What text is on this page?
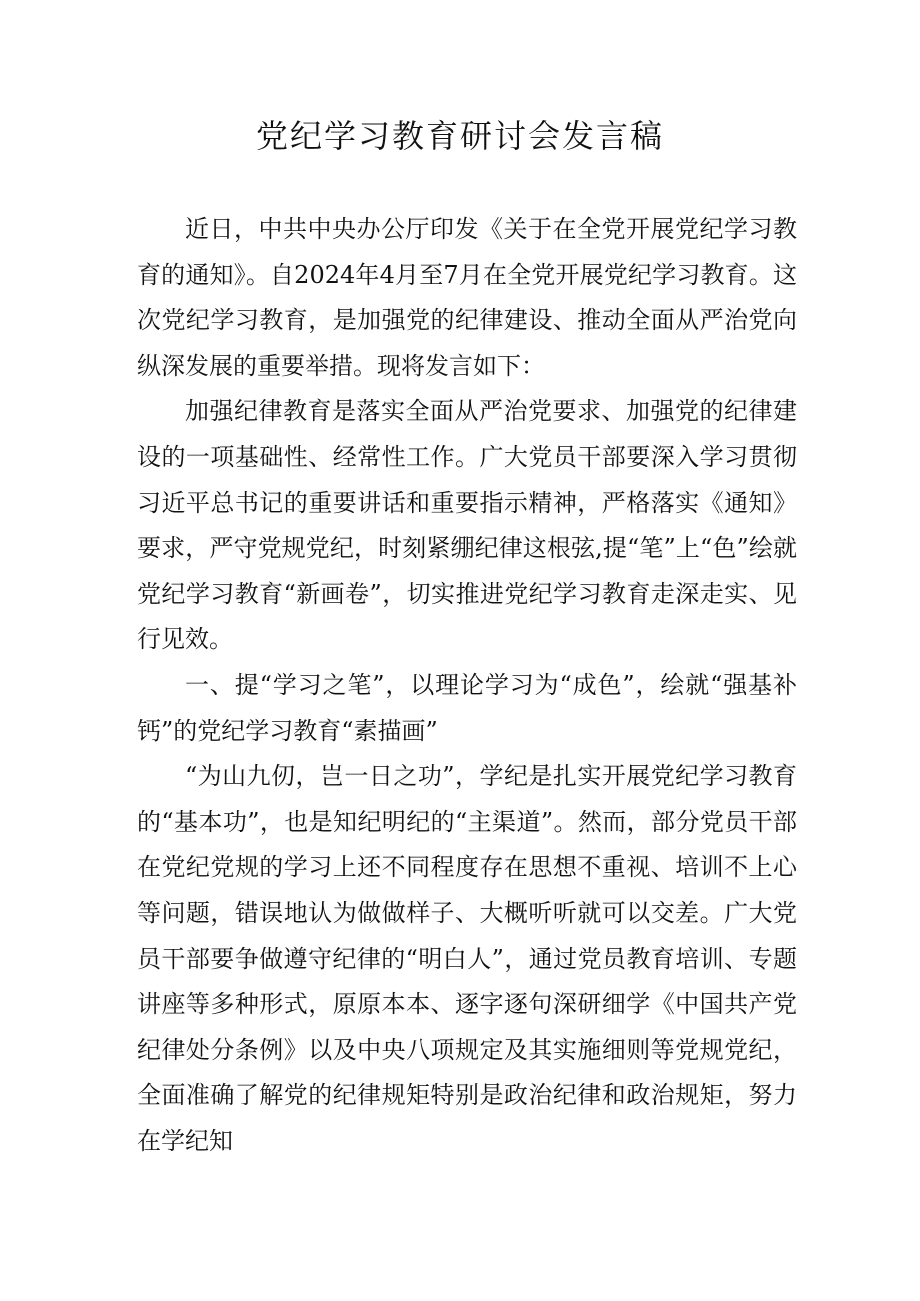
党纪学习教育研讨会发言稿

近日，中共中央办公厅印发《关于在全党开展党纪学习教育的通知》。自2024年4月至7月在全党开展党纪学习教育。这次党纪学习教育，是加强党的纪律建设、推动全面从严治党向纵深发展的重要举措。现将发言如下：

加强纪律教育是落实全面从严治党要求、加强党的纪律建设的一项基础性、经常性工作。广大党员干部要深入学习贯彻习近平总书记的重要讲话和重要指示精神，严格落实《通知》要求，严守党规党纪，时刻紧绷纪律这根弦,提“笔”上“色”绘就党纪学习教育“新画卷”，切实推进党纪学习教育走深走实、见行见效。

一、提“学习之笔”，以理论学习为“成色”，绘就“强基补钙”的党纪学习教育“素描画”

“为山九仞，岂一日之功”，学纪是扎实开展党纪学习教育的“基本功”，也是知纪明纪的“主渠道”。然而，部分党员干部在党纪党规的学习上还不同程度存在思想不重视、培训不上心等问题，错误地认为做做样子、大概听听就可以交差。广大党员干部要争做遵守纪律的“明白人”，通过党员教育培训、专题讲座等多种形式，原原本本、逐字逐句深研细学《中国共产党纪律处分条例》以及中央八项规定及其实施细则等党规党纪，全面准确了解党的纪律规矩特别是政治纪律和政治规矩，努力在学纪知
